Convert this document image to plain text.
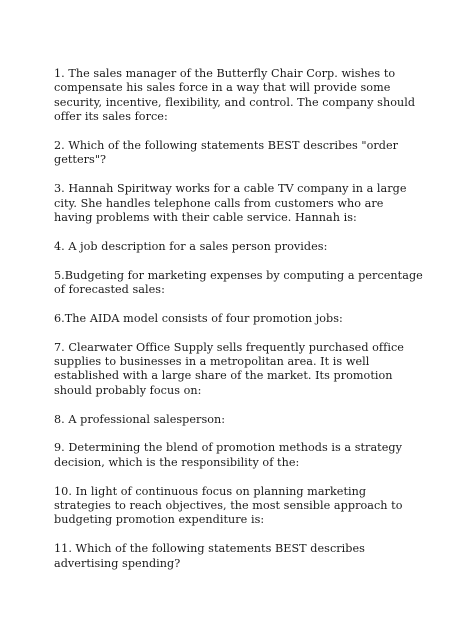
1. The sales manager of the Butterfly Chair Corp. wishes to
compensate his sales force in a way that will provide some
security, incentive, flexibility, and control. The company should
offer its sales force:
2. Which of the following statements BEST describes "order
getters"?
3. Hannah Spiritway works for a cable TV company in a large
city. She handles telephone calls from customers who are
having problems with their cable service. Hannah is:
4. A job description for a sales person provides:
5.Budgeting for marketing expenses by computing a percentage
of forecasted sales:
6.The AIDA model consists of four promotion jobs:
7. Clearwater Office Supply sells frequently purchased office
supplies to businesses in a metropolitan area. It is well
established with a large share of the market. Its promotion
should probably focus on:
8. A professional salesperson:
9. Determining the blend of promotion methods is a strategy
decision, which is the responsibility of the:
10. In light of continuous focus on planning marketing
strategies to reach objectives, the most sensible approach to
budgeting promotion expenditure is:
11. Which of the following statements BEST describes
advertising spending?
